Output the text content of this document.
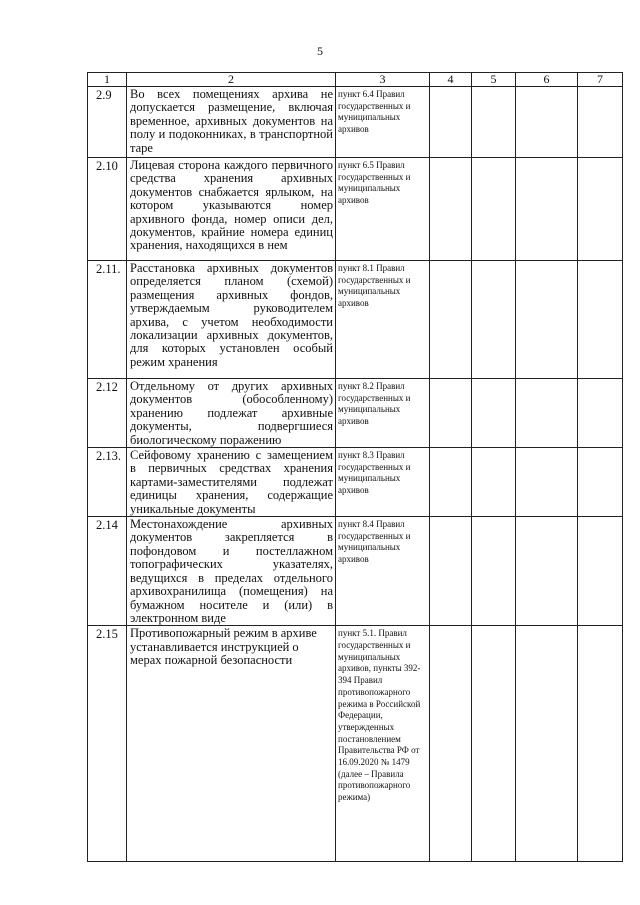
5
1	2	3	4	5	6	7
2.9	Во всех помещениях архива не допускается размещение, включая временное, архивных документов на полу и подоконниках, в транспортной таре	пункт 6.4 Правил государственных и муниципальных архивов				
2.10	Лицевая сторона каждого первичного средства хранения архивных документов снабжается ярлыком, на котором указываются номер архивного фонда, номер описи дел, документов, крайние номера единиц хранения, находящихся в нем	пункт 6.5 Правил государственных и муниципальных архивов				
2.11.	Расстановка архивных документов определяется планом (схемой) размещения архивных фондов, утверждаемым руководителем архива, с учетом необходимости локализации архивных документов, для которых установлен особый режим хранения	пункт 8.1 Правил государственных и муниципальных архивов				
2.12	Отдельному от других архивных документов (обособленному) хранению подлежат архивные документы, подвергшиеся биологическому поражению	пункт 8.2 Правил государственных и муниципальных архивов				
2.13.	Сейфовому хранению с замещением в первичных средствах хранения картами-заместителями подлежат единицы хранения, содержащие уникальные документы	пункт 8.3 Правил государственных и муниципальных архивов				
2.14	Местонахождение архивных документов закрепляется в пофондовом и постеллажном топографических указателях, ведущихся в пределах отдельного архивохранилища (помещения) на бумажном носителе и (или) в электронном виде	пункт 8.4 Правил государственных и муниципальных архивов				
2.15	Противопожарный режим в архиве устанавливается инструкцией о мерах пожарной безопасности	пункт 5.1. Правил государственных и муниципальных архивов, пункты 392-394 Правил противопожарного режима в Российской Федерации, утвержденных постановлением Правительства РФ от 16.09.2020 № 1479 (далее – Правила противопожарного режима)				
